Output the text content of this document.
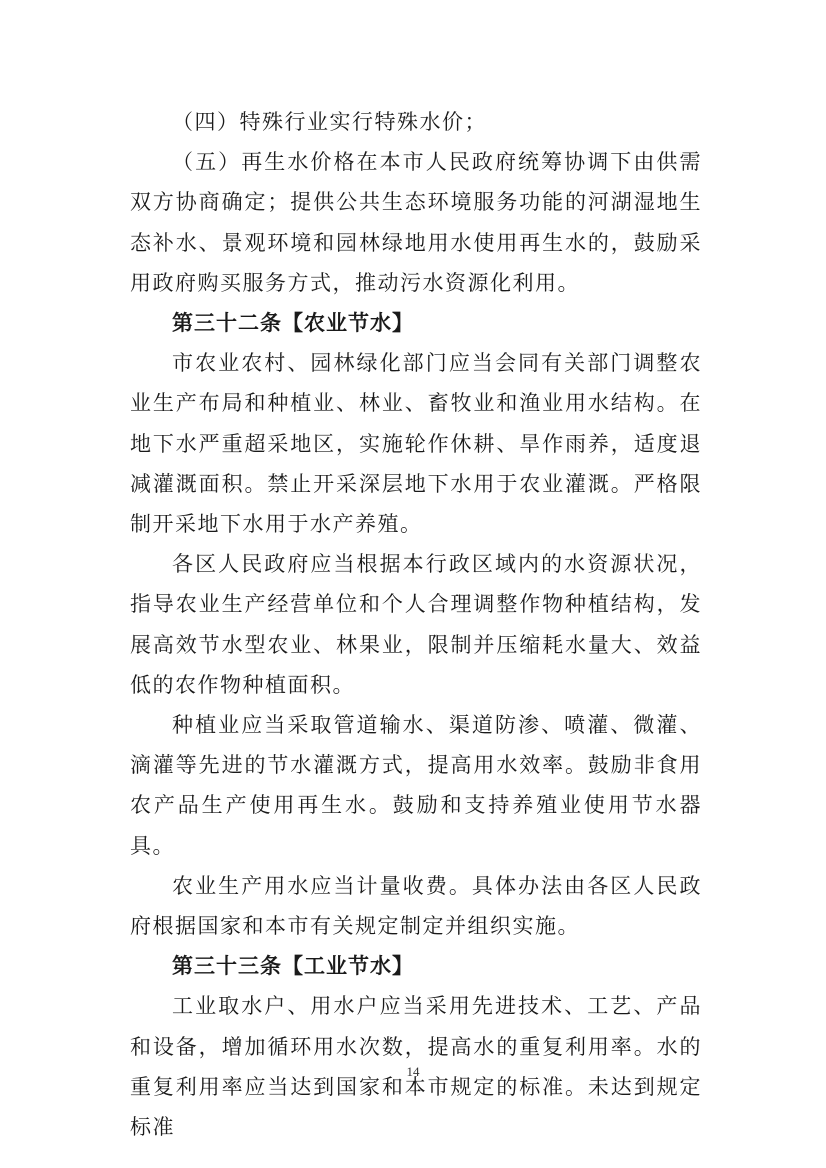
（四）特殊行业实行特殊水价；

（五）再生水价格在本市人民政府统筹协调下由供需双方协商确定；提供公共生态环境服务功能的河湖湿地生态补水、景观环境和园林绿地用水使用再生水的，鼓励采用政府购买服务方式，推动污水资源化利用。

第三十二条【农业节水】

市农业农村、园林绿化部门应当会同有关部门调整农业生产布局和种植业、林业、畜牧业和渔业用水结构。在地下水严重超采地区，实施轮作休耕、旱作雨养，适度退减灌溉面积。禁止开采深层地下水用于农业灌溉。严格限制开采地下水用于水产养殖。

各区人民政府应当根据本行政区域内的水资源状况，指导农业生产经营单位和个人合理调整作物种植结构，发展高效节水型农业、林果业，限制并压缩耗水量大、效益低的农作物种植面积。

种植业应当采取管道输水、渠道防渗、喷灌、微灌、滴灌等先进的节水灌溉方式，提高用水效率。鼓励非食用农产品生产使用再生水。鼓励和支持养殖业使用节水器具。

农业生产用水应当计量收费。具体办法由各区人民政府根据国家和本市有关规定制定并组织实施。

第三十三条【工业节水】

工业取水户、用水户应当采用先进技术、工艺、产品和设备，增加循环用水次数，提高水的重复利用率。水的重复利用率应当达到国家和本市规定的标准。未达到规定标准

14
